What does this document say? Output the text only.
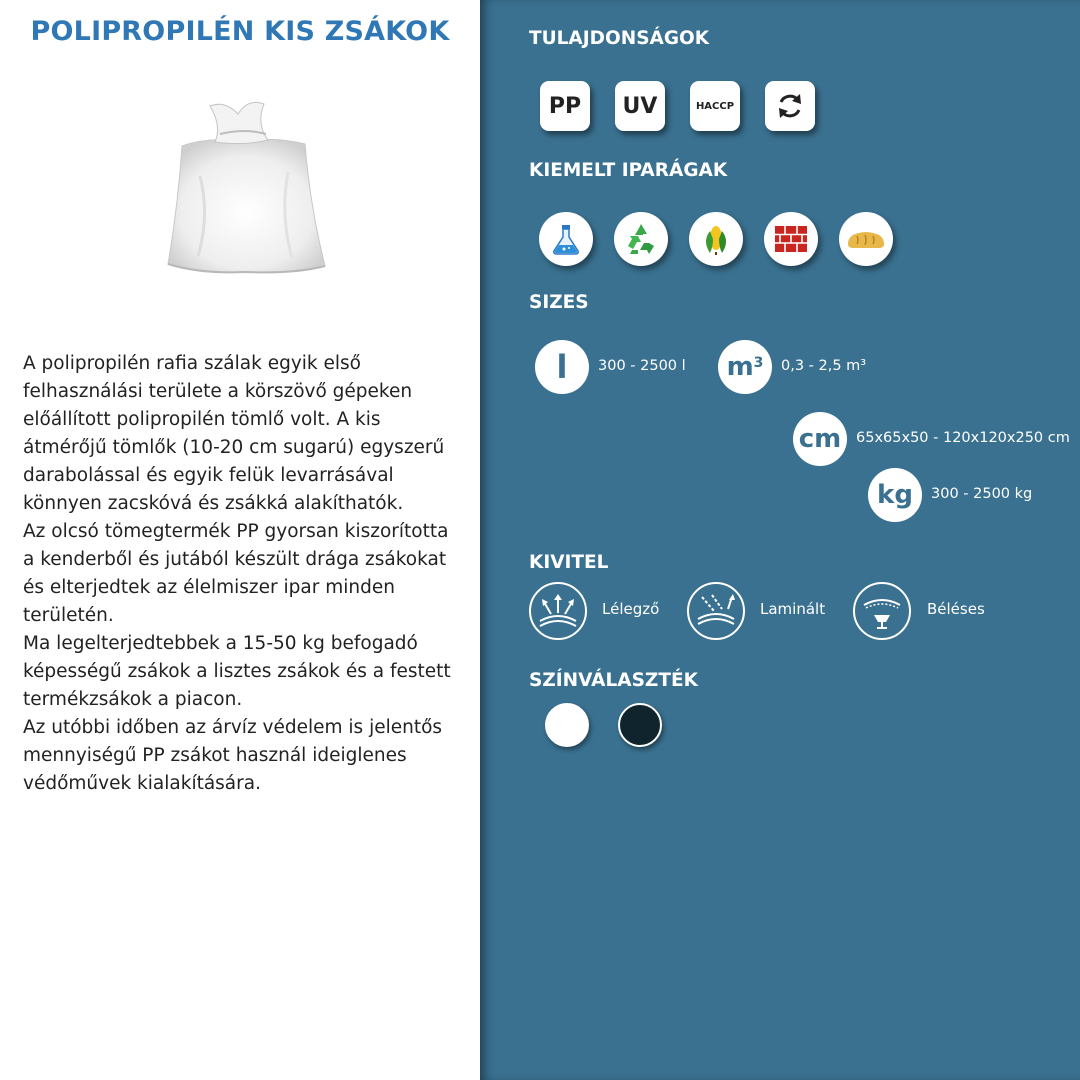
POLIPROPILÉN KIS ZSÁKOK

A polipropilén rafia szálak egyik első
felhasználási területe a körszövő gépeken
előállított polipropilén tömlő volt. A kis
átmérőjű tömlők (10-20 cm sugarú) egyszerű
darabolással és egyik felük levarrásával
könnyen zacskóvá és zsákká alakíthatók.
Az olcsó tömegtermék PP gyorsan kiszorította
a kenderből és jutából készült drága zsákokat
és elterjedtek az élelmiszer ipar minden
területén.
Ma legelterjedtebbek a 15-50 kg befogadó
képességű zsákok a lisztes zsákok és a festett
termékzsákok a piacon.
Az utóbbi időben az árvíz védelem is jelentős
mennyiségű PP zsákot használ ideiglenes
védőművek kialakítására.

TULAJDONSÁGOK
PP UV	HACCP
KIEMELT IPARÁGAK
SIZES
l 300 - 2500 l $m^3$ 0,3 - 2,5 m³
cm 65x65x50 - 120x120x250 cm
kg 300 - 2500 kg
KIVITEL
Lélegző	Laminált	Béléses
SZÍNVÁLASZTÉK
